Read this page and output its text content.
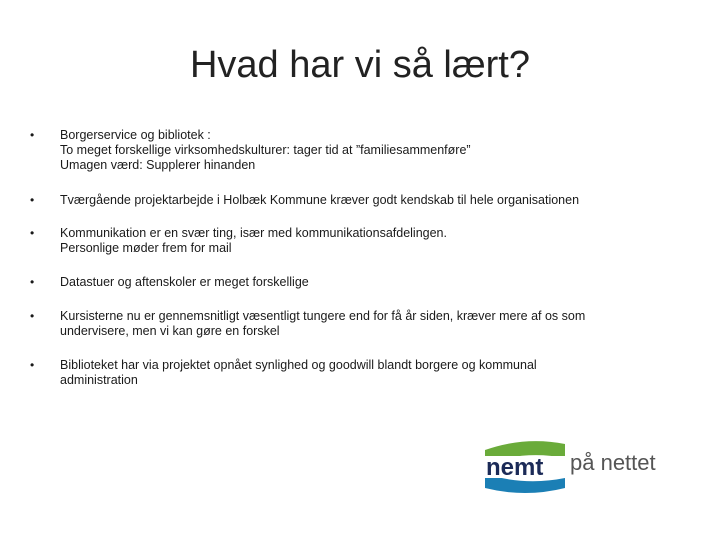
Hvad har vi så lært?
• Borgerservice og bibliotek :
To meget forskellige virksomhedskulturer: tager tid at ”familiesammenføre”
Umagen værd: Supplerer hinanden
• Tværgående projektarbejde i Holbæk Kommune kræver godt kendskab til hele organisationen
• Kommunikation er en svær ting, især med kommunikationsafdelingen.
Personlige møder frem for mail
• Datastuer og aftenskoler er meget forskellige
• Kursisterne nu er gennemsnitligt væsentligt tungere end for få år siden, kræver mere af os som
undervisere, men vi kan gøre en forskel
• Biblioteket har via projektet opnået synlighed og goodwill blandt borgere og kommunal
administration
nemt på nettet
